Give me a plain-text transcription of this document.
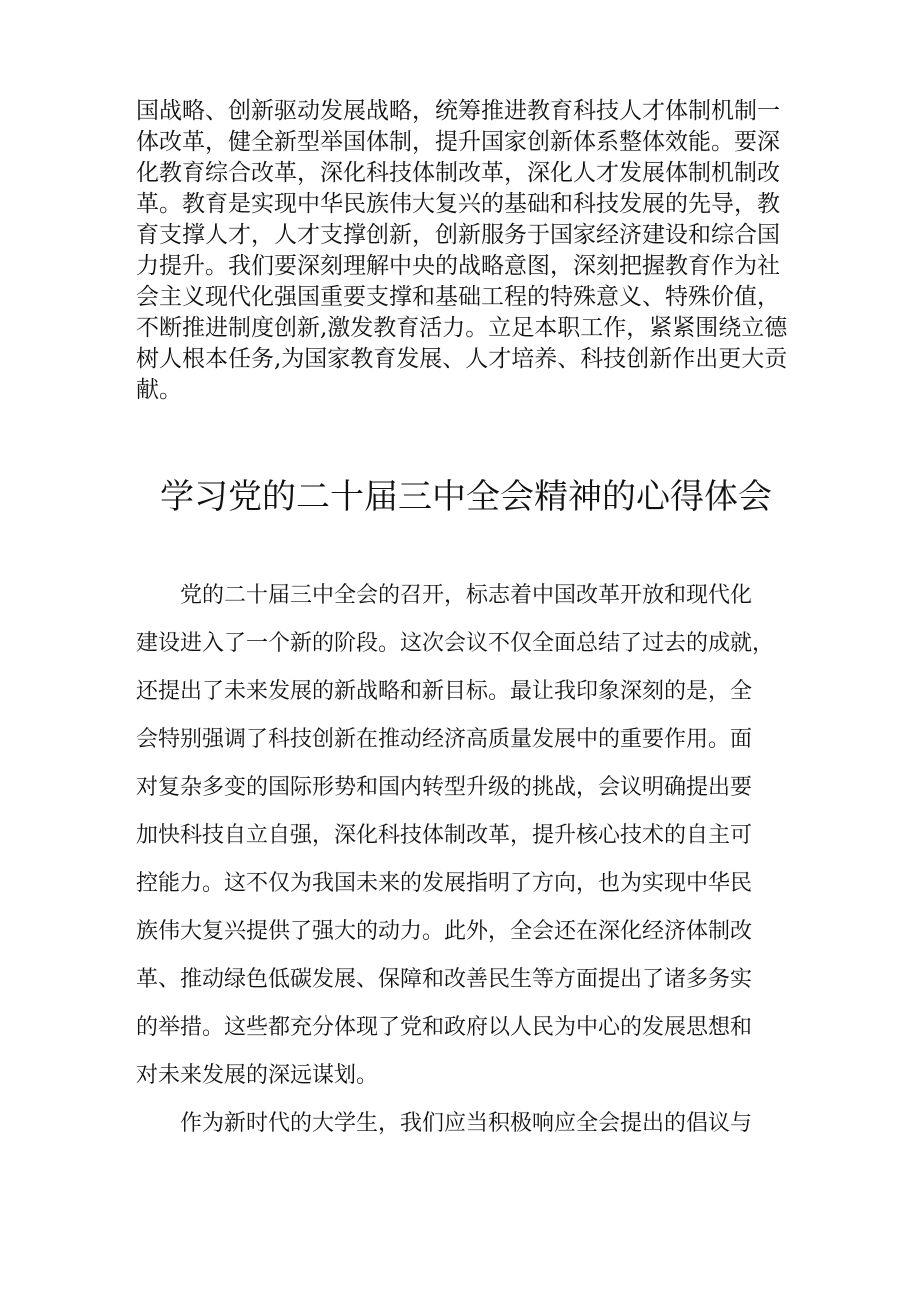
国战略、创新驱动发展战略，统筹推进教育科技人才体制机制一
体改革，健全新型举国体制，提升国家创新体系整体效能。要深
化教育综合改革，深化科技体制改革，深化人才发展体制机制改
革。教育是实现中华民族伟大复兴的基础和科技发展的先导，教
育支撑人才，人才支撑创新，创新服务于国家经济建设和综合国
力提升。我们要深刻理解中央的战略意图，深刻把握教育作为社
会主义现代化强国重要支撑和基础工程的特殊意义、特殊价值，
不断推进制度创新,激发教育活力。立足本职工作，紧紧围绕立德
树人根本任务,为国家教育发展、人才培养、科技创新作出更大贡
献。
学习党的二十届三中全会精神的心得体会
党的二十届三中全会的召开，标志着中国改革开放和现代化
建设进入了一个新的阶段。这次会议不仅全面总结了过去的成就，
还提出了未来发展的新战略和新目标。最让我印象深刻的是，全
会特别强调了科技创新在推动经济高质量发展中的重要作用。面
对复杂多变的国际形势和国内转型升级的挑战，会议明确提出要
加快科技自立自强，深化科技体制改革，提升核心技术的自主可
控能力。这不仅为我国未来的发展指明了方向，也为实现中华民
族伟大复兴提供了强大的动力。此外，全会还在深化经济体制改
革、推动绿色低碳发展、保障和改善民生等方面提出了诸多务实
的举措。这些都充分体现了党和政府以人民为中心的发展思想和
对未来发展的深远谋划。
作为新时代的大学生，我们应当积极响应全会提出的倡议与
